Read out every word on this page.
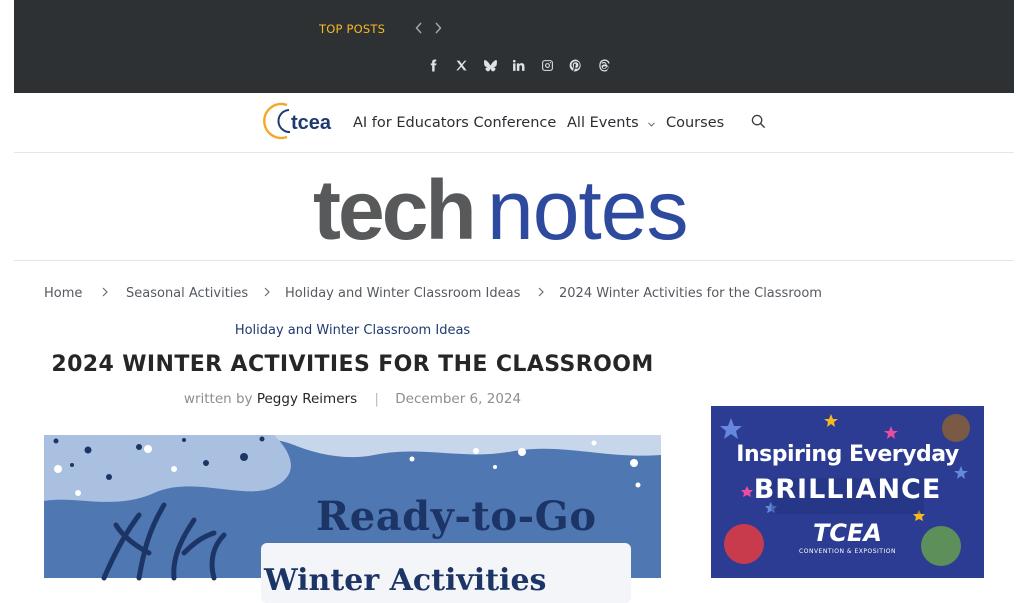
TOP POSTS
tcea AI for Educators Conference All Events	Courses
tech notes
Home	Seasonal Activities	Holiday and Winter Classroom Ideas	2024 Winter Activities for the Classroom
Holiday and Winter Classroom Ideas
2024 WINTER ACTIVITIES FOR THE CLASSROOM
written by Peggy Reimers | December 6, 2024
Ready-to-Go
Winter Activities
Inspiring Everyday
BRILLIANCE
TCEA
CONVENTION & EXPOSITION
